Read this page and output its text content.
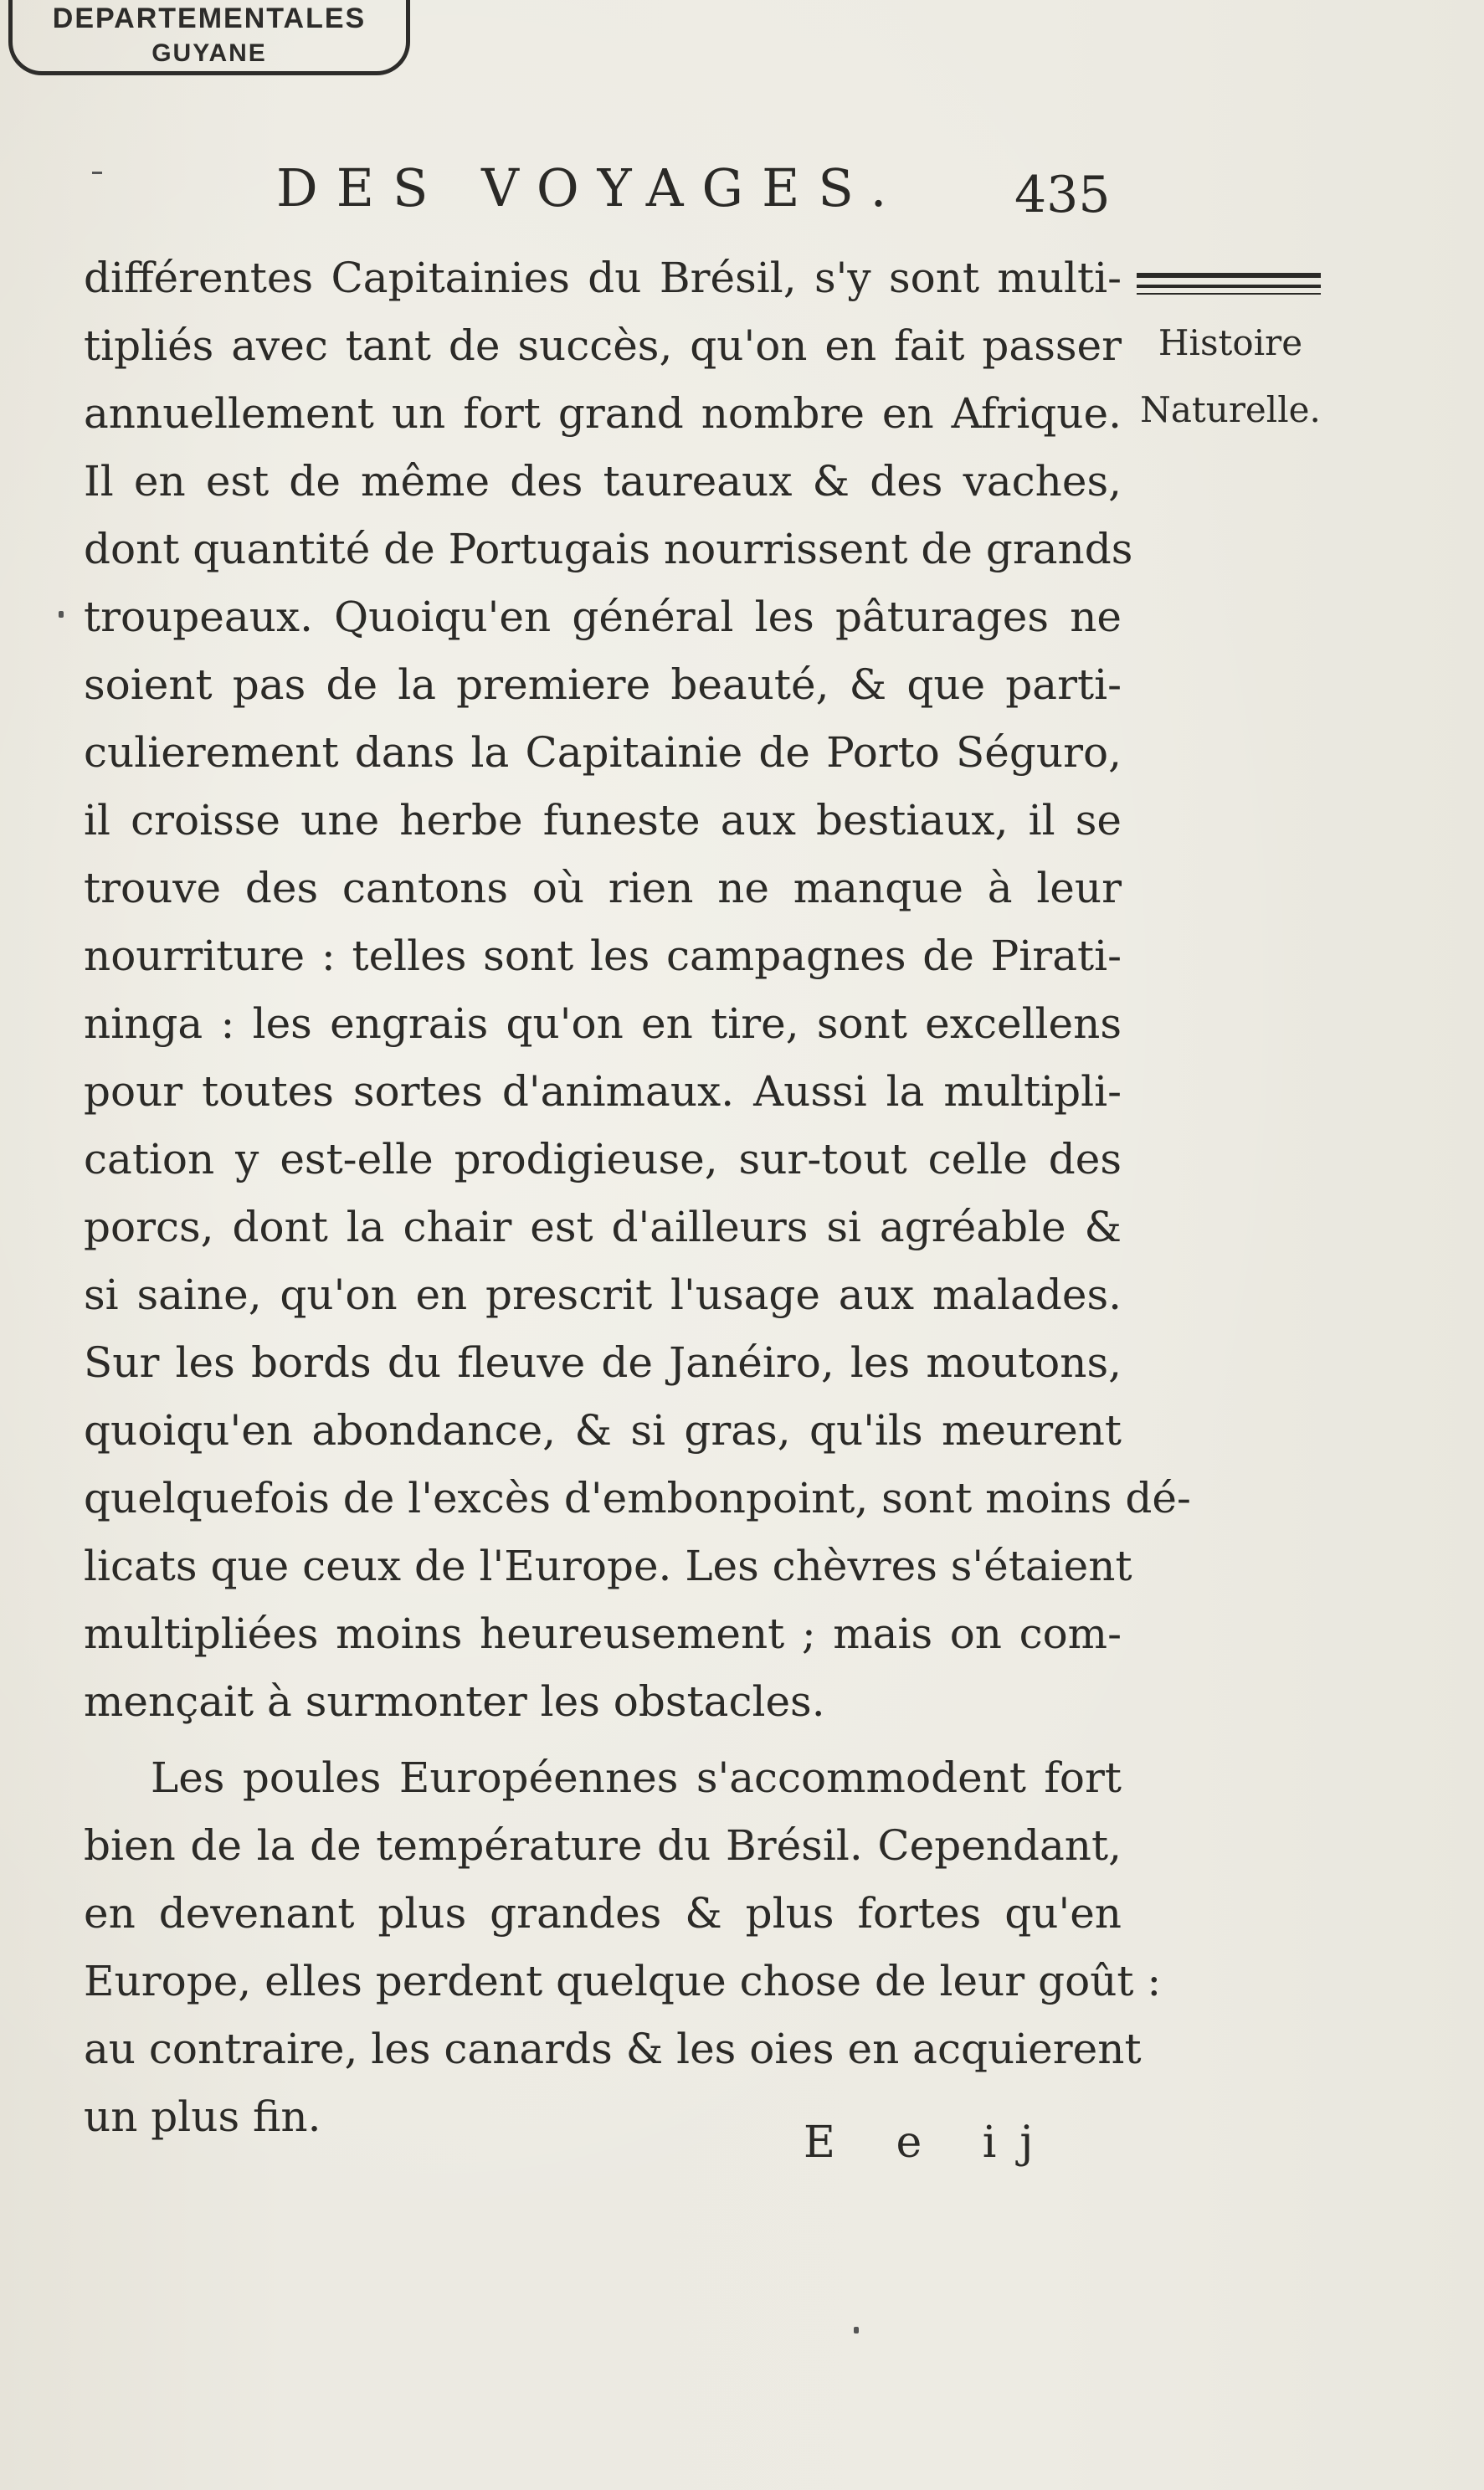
DEPARTEMENTALES
GUYANE
DES VOYAGES. 435
Histoire
Naturelle.
différentes Capitainies du Brésil, s'y sont multi-
tipliés avec tant de succès, qu'on en fait passer
annuellement un fort grand nombre en Afrique.
Il en est de même des taureaux & des vaches,
dont quantité de Portugais nourrissent de grands
troupeaux. Quoiqu'en général les pâturages ne
soient pas de la premiere beauté, & que parti-
culierement dans la Capitainie de Porto Séguro,
il croisse une herbe funeste aux bestiaux, il se
trouve des cantons où rien ne manque à leur
nourriture : telles sont les campagnes de Pirati-
ninga : les engrais qu'on en tire, sont excellens
pour toutes sortes d'animaux. Aussi la multipli-
cation y est-elle prodigieuse, sur-tout celle des
porcs, dont la chair est d'ailleurs si agréable &
si saine, qu'on en prescrit l'usage aux malades.
Sur les bords du fleuve de Janéiro, les moutons,
quoiqu'en abondance, & si gras, qu'ils meurent
quelquefois de l'excès d'embonpoint, sont moins dé-
licats que ceux de l'Europe. Les chèvres s'étaient
multipliées moins heureusement ; mais on com-
mençait à surmonter les obstacles.
Les poules Européennes s'accommodent fort
bien de la de température du Brésil. Cependant,
en devenant plus grandes & plus fortes qu'en
Europe, elles perdent quelque chose de leur goût :
au contraire, les canards & les oies en acquierent
un plus fin.
E e ij
